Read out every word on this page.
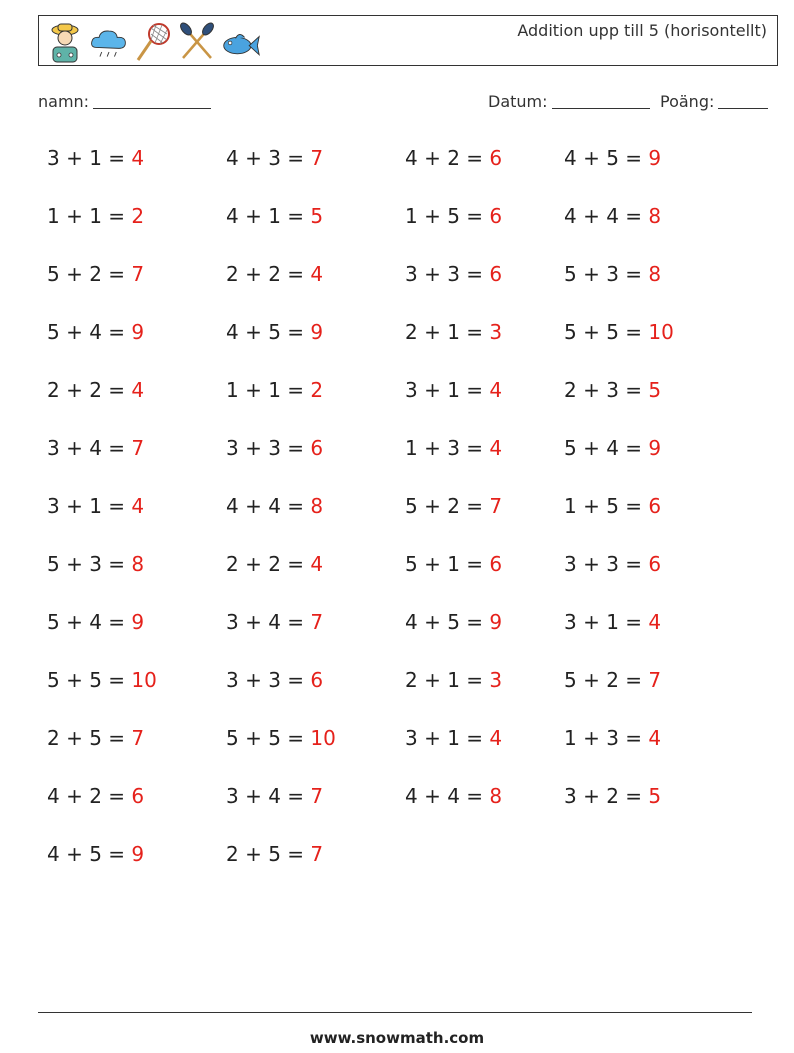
Addition upp till 5 (horisontellt)
namn:	Datum:	Poäng:
3 + 1 = 4	4 + 3 = 7	4 + 2 = 6	4 + 5 = 9
1 + 1 = 2	4 + 1 = 5	1 + 5 = 6	4 + 4 = 8
5 + 2 = 7	2 + 2 = 4	3 + 3 = 6	5 + 3 = 8
5 + 4 = 9	4 + 5 = 9	2 + 1 = 3	5 + 5 = 10
2 + 2 = 4	1 + 1 = 2	3 + 1 = 4	2 + 3 = 5
3 + 4 = 7	3 + 3 = 6	1 + 3 = 4	5 + 4 = 9
3 + 1 = 4	4 + 4 = 8	5 + 2 = 7	1 + 5 = 6
5 + 3 = 8	2 + 2 = 4	5 + 1 = 6	3 + 3 = 6
5 + 4 = 9	3 + 4 = 7	4 + 5 = 9	3 + 1 = 4
5 + 5 = 10	3 + 3 = 6	2 + 1 = 3	5 + 2 = 7
2 + 5 = 7	5 + 5 = 10	3 + 1 = 4	1 + 3 = 4
4 + 2 = 6	3 + 4 = 7	4 + 4 = 8	3 + 2 = 5
4 + 5 = 9	2 + 5 = 7
www.snowmath.com
